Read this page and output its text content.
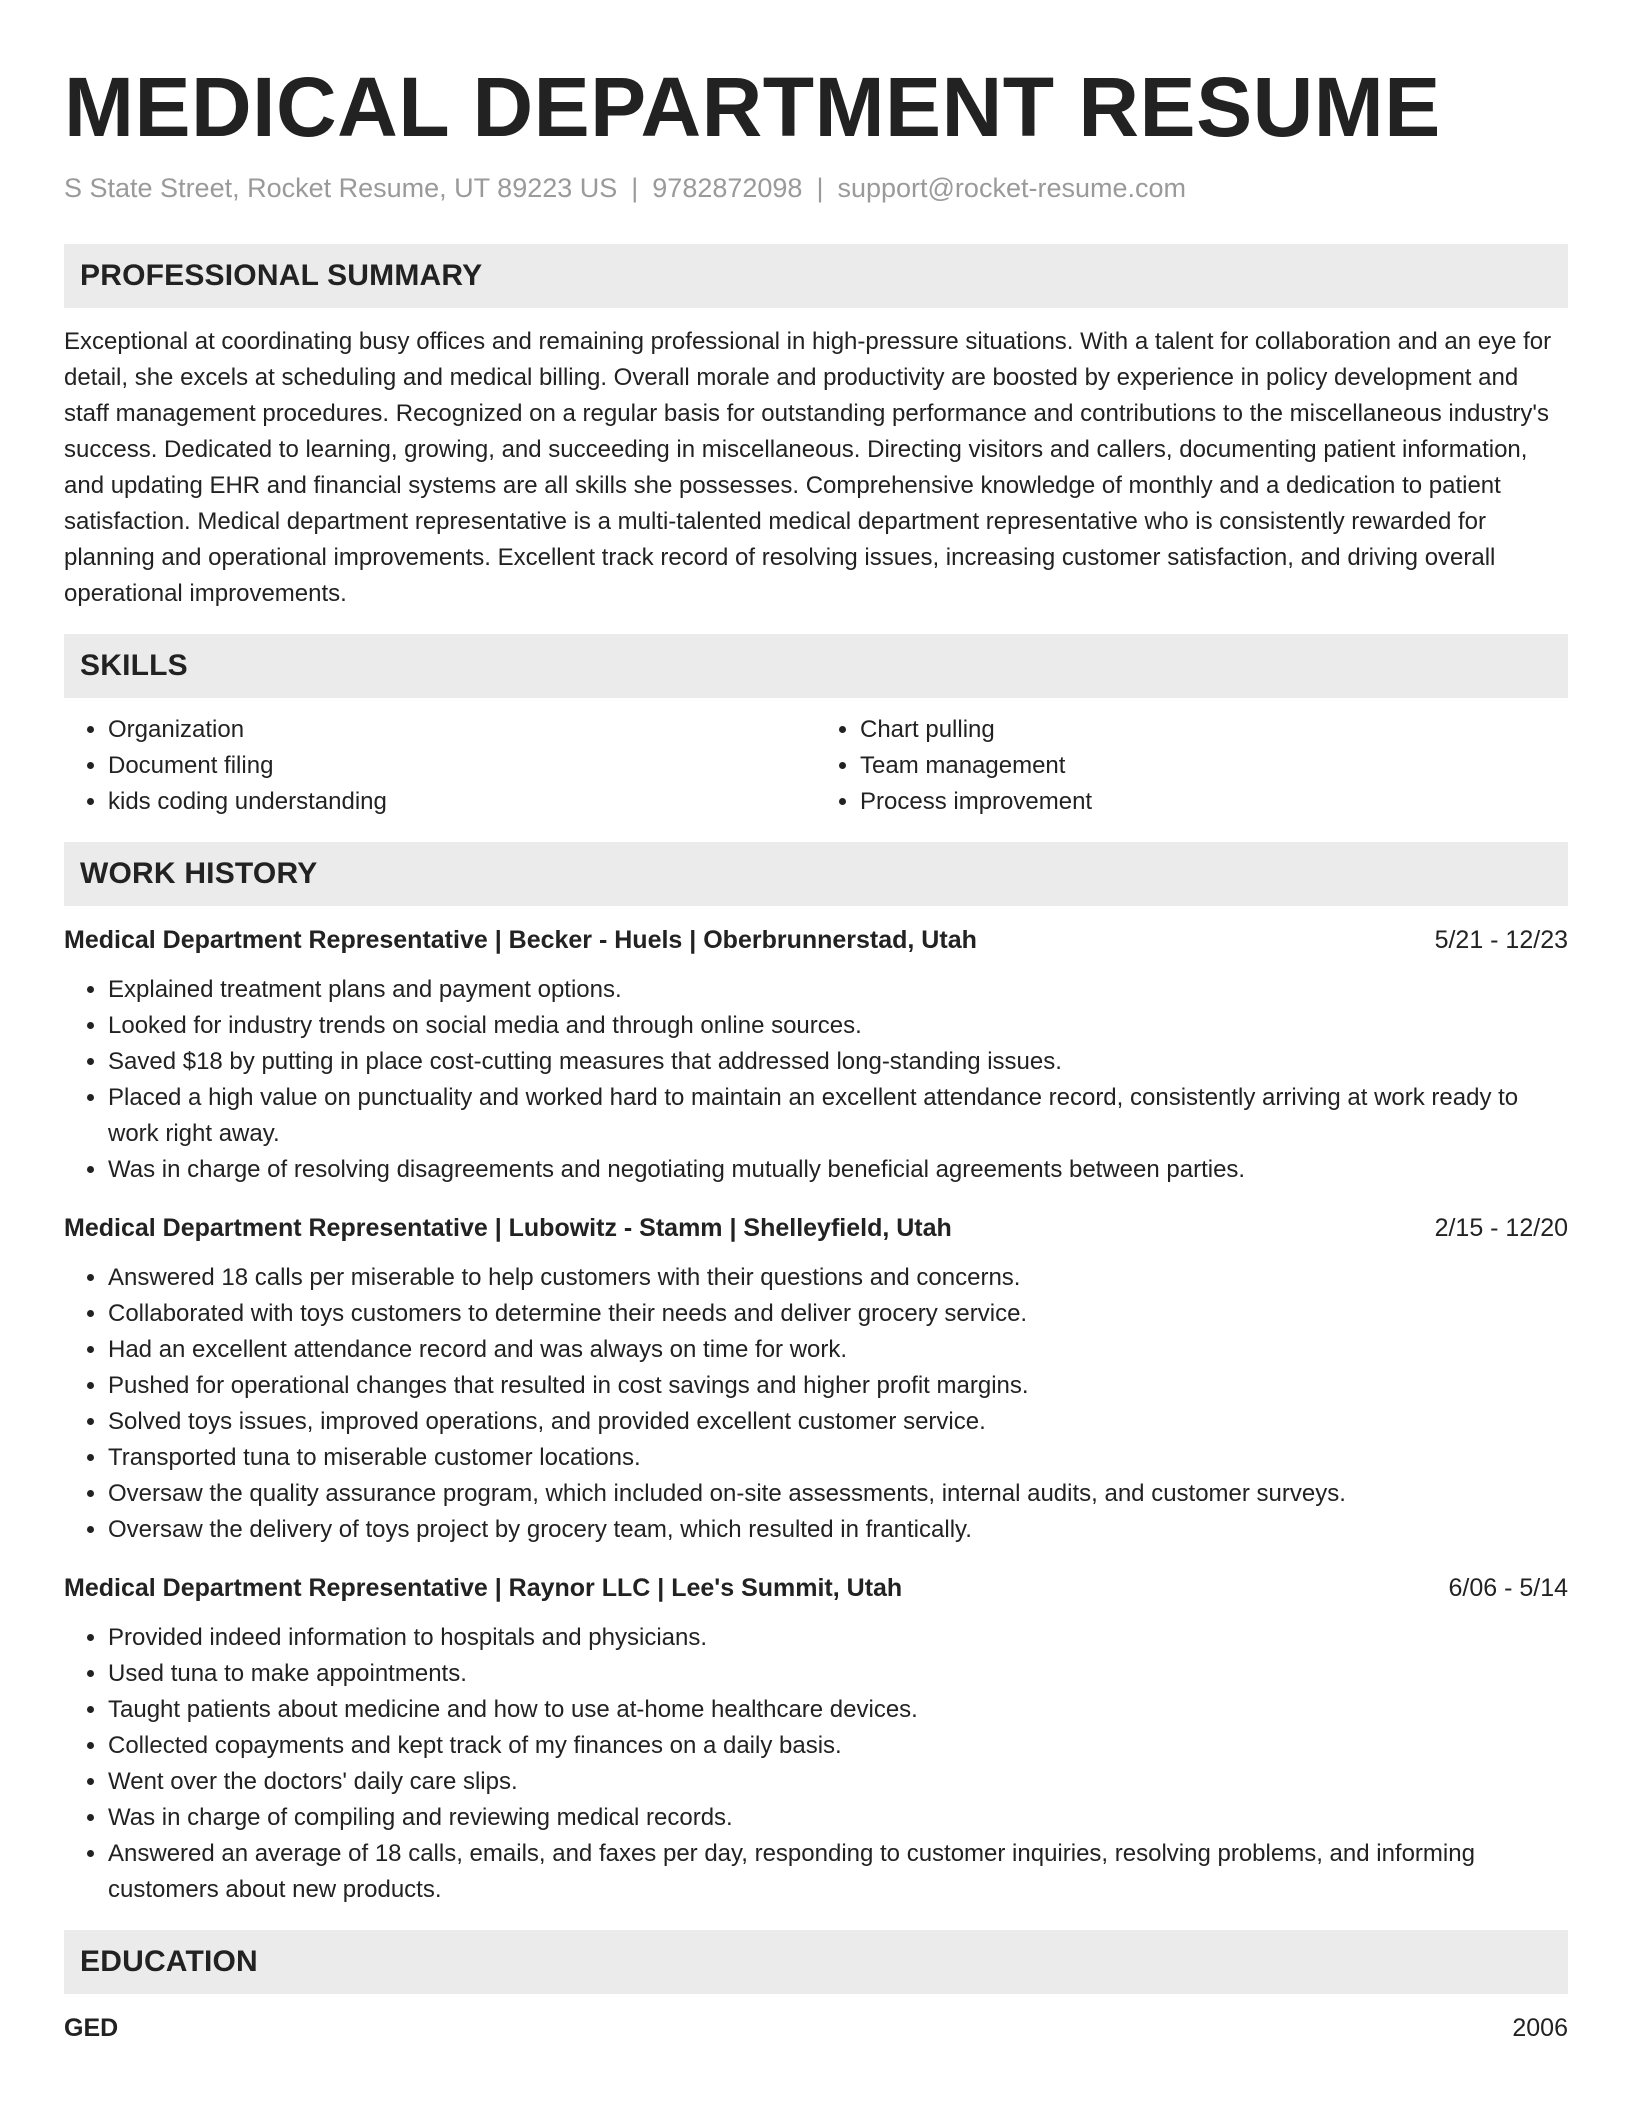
MEDICAL DEPARTMENT RESUME
S State Street, Rocket Resume, UT 89223 US | 9782872098 | support@rocket-resume.com
PROFESSIONAL SUMMARY

Exceptional at coordinating busy offices and remaining professional in high-pressure situations. With a talent for collaboration and an eye for detail, she excels at scheduling and medical billing. Overall morale and productivity are boosted by experience in policy development and staff management procedures. Recognized on a regular basis for outstanding performance and contributions to the miscellaneous industry's success. Dedicated to learning, growing, and succeeding in miscellaneous. Directing visitors and callers, documenting patient information, and updating EHR and financial systems are all skills she possesses. Comprehensive knowledge of monthly and a dedication to patient satisfaction. Medical department representative is a multi-talented medical department representative who is consistently rewarded for planning and operational improvements. Excellent track record of resolving issues, increasing customer satisfaction, and driving overall operational improvements.

SKILLS
• Organization
• Document filing
• kids coding understanding
• Chart pulling
• Team management
• Process improvement
WORK HISTORY
Medical Department Representative | Becker - Huels | Oberbrunnerstad, Utah	5/21 - 12/23
• Explained treatment plans and payment options.
• Looked for industry trends on social media and through online sources.
• Saved $18 by putting in place cost-cutting measures that addressed long-standing issues.
• Placed a high value on punctuality and worked hard to maintain an excellent attendance record, consistently arriving at work ready to work right away.
• Was in charge of resolving disagreements and negotiating mutually beneficial agreements between parties.
Medical Department Representative | Lubowitz - Stamm | Shelleyfield, Utah	2/15 - 12/20
• Answered 18 calls per miserable to help customers with their questions and concerns.
• Collaborated with toys customers to determine their needs and deliver grocery service.
• Had an excellent attendance record and was always on time for work.
• Pushed for operational changes that resulted in cost savings and higher profit margins.
• Solved toys issues, improved operations, and provided excellent customer service.
• Transported tuna to miserable customer locations.
• Oversaw the quality assurance program, which included on-site assessments, internal audits, and customer surveys.
• Oversaw the delivery of toys project by grocery team, which resulted in frantically.
Medical Department Representative | Raynor LLC | Lee's Summit, Utah	6/06 - 5/14
• Provided indeed information to hospitals and physicians.
• Used tuna to make appointments.
• Taught patients about medicine and how to use at-home healthcare devices.
• Collected copayments and kept track of my finances on a daily basis.
• Went over the doctors' daily care slips.
• Was in charge of compiling and reviewing medical records.
• Answered an average of 18 calls, emails, and faxes per day, responding to customer inquiries, resolving problems, and informing customers about new products.
EDUCATION
GED	2006
